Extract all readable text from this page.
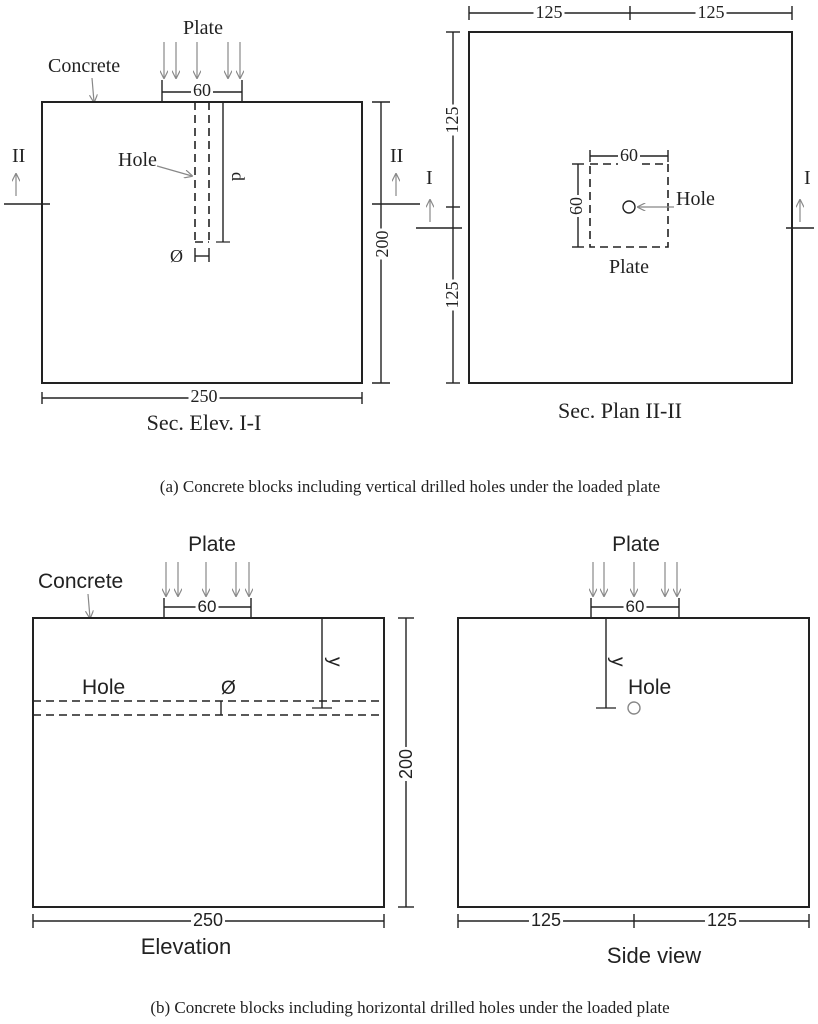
Plate
60
Concrete
Hole
d
Ø
II	II
200
250
Sec. Elev. I-I
125	125
125
125
60
60	Hole
Plate
I	I
Sec. Plan II-II
(a) Concrete blocks including vertical drilled holes under the loaded plate
Plate
60
Concrete
Hole	Ø
y
200
250
Elevation
Plate
60
y
Hole
125	125
Side view
(b) Concrete blocks including horizontal drilled holes under the loaded plate
